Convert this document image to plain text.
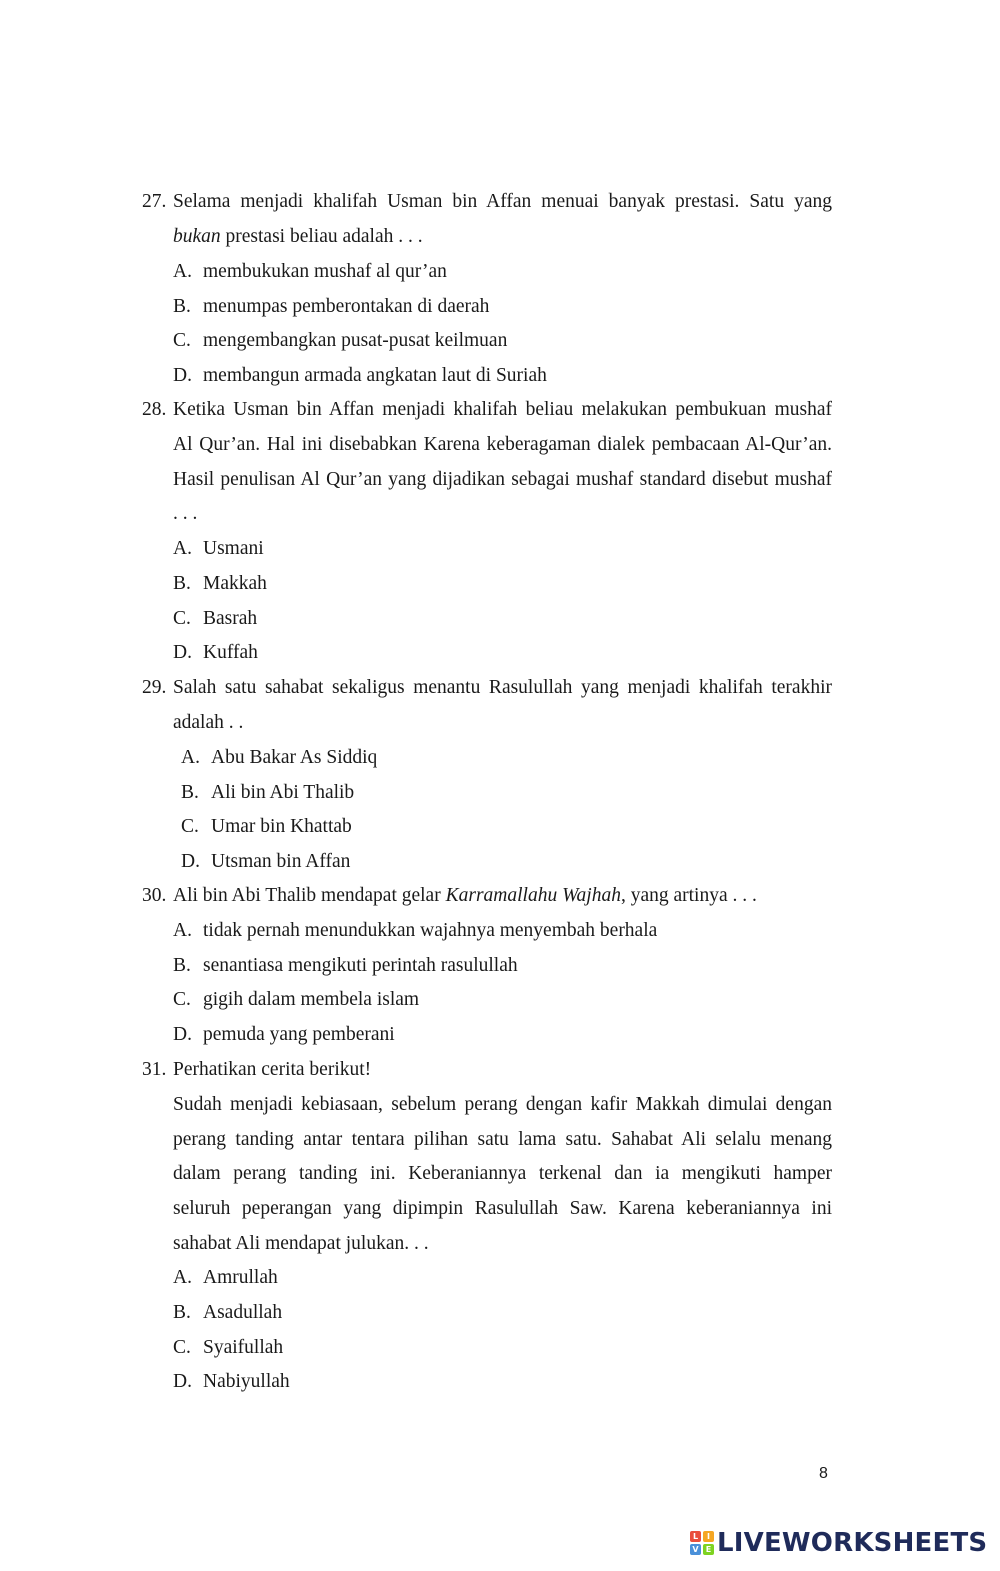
27. Selama menjadi khalifah Usman bin Affan menuai banyak prestasi. Satu yang
bukan prestasi beliau adalah . . .
A. membukukan mushaf al qur’an
B. menumpas pemberontakan di daerah
C. mengembangkan pusat-pusat keilmuan
D. membangun armada angkatan laut di Suriah
28. Ketika Usman bin Affan menjadi khalifah beliau melakukan pembukuan mushaf
Al Qur’an. Hal ini disebabkan Karena keberagaman dialek pembacaan Al-Qur’an.
Hasil penulisan Al Qur’an yang dijadikan sebagai mushaf standard disebut mushaf
. . .
A. Usmani
B. Makkah
C. Basrah
D. Kuffah
29. Salah satu sahabat sekaligus menantu Rasulullah yang menjadi khalifah terakhir
adalah . .
A. Abu Bakar As Siddiq
B. Ali bin Abi Thalib
C. Umar bin Khattab
D. Utsman bin Affan
30. Ali bin Abi Thalib mendapat gelar Karramallahu Wajhah, yang artinya . . .
A. tidak pernah menundukkan wajahnya menyembah berhala
B. senantiasa mengikuti perintah rasulullah
C. gigih dalam membela islam
D. pemuda yang pemberani
31. Perhatikan cerita berikut!
Sudah menjadi kebiasaan, sebelum perang dengan kafir Makkah dimulai dengan
perang tanding antar tentara pilihan satu lama satu. Sahabat Ali selalu menang
dalam perang tanding ini. Keberaniannya terkenal dan ia mengikuti hamper
seluruh peperangan yang dipimpin Rasulullah Saw. Karena keberaniannya ini
sahabat Ali mendapat julukan. . .
A. Amrullah
B. Asadullah
C. Syaifullah
D. Nabiyullah
8
L	I
V E LIVEWORKSHEETS
